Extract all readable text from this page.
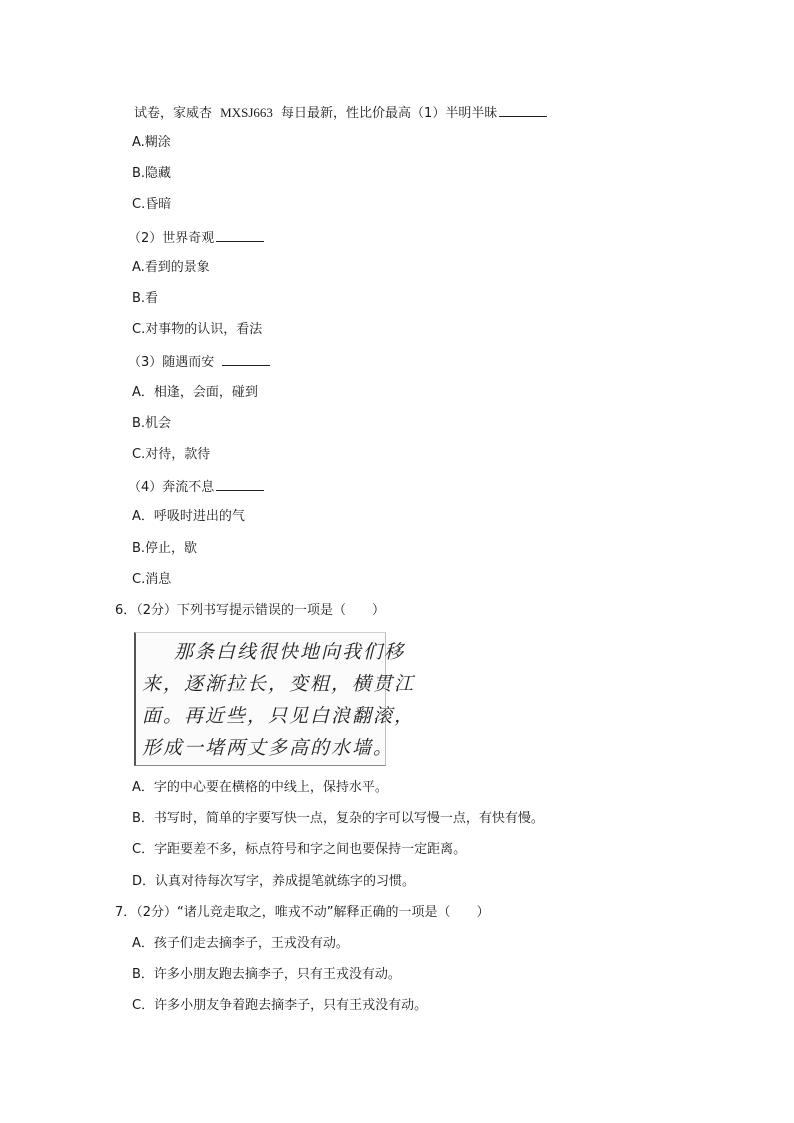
试卷，家威杏 MXSJ663 每日最新，性比价最高（1）半明半昧
A.糊涂
B.隐藏
C.昏暗
（2）世界奇观
A.看到的景象
B.看
C.对事物的认识，看法
（3）随遇而安
A．相逢，会面，碰到
B.机会
C.对待，款待
（4）奔流不息
A．呼吸时进出的气
B.停止，歇
C.消息
6．（2分）下列书写提示错误的一项是（　　）
那条白线很快地向我们移
来，逐渐拉长，变粗，横贯江
面。再近些，只见白浪翻滚，
形成一堵两丈多高的水墙。
A．字的中心要在横格的中线上，保持水平。
B．书写时，简单的字要写快一点，复杂的字可以写慢一点，有快有慢。
C．字距要差不多，标点符号和字之间也要保持一定距离。
D．认真对待每次写字，养成提笔就练字的习惯。
7．（2分）“诸儿竞走取之，唯戎不动”解释正确的一项是（　　）
A．孩子们走去摘李子，王戎没有动。
B．许多小朋友跑去摘李子，只有王戎没有动。
C．许多小朋友争着跑去摘李子，只有王戎没有动。
